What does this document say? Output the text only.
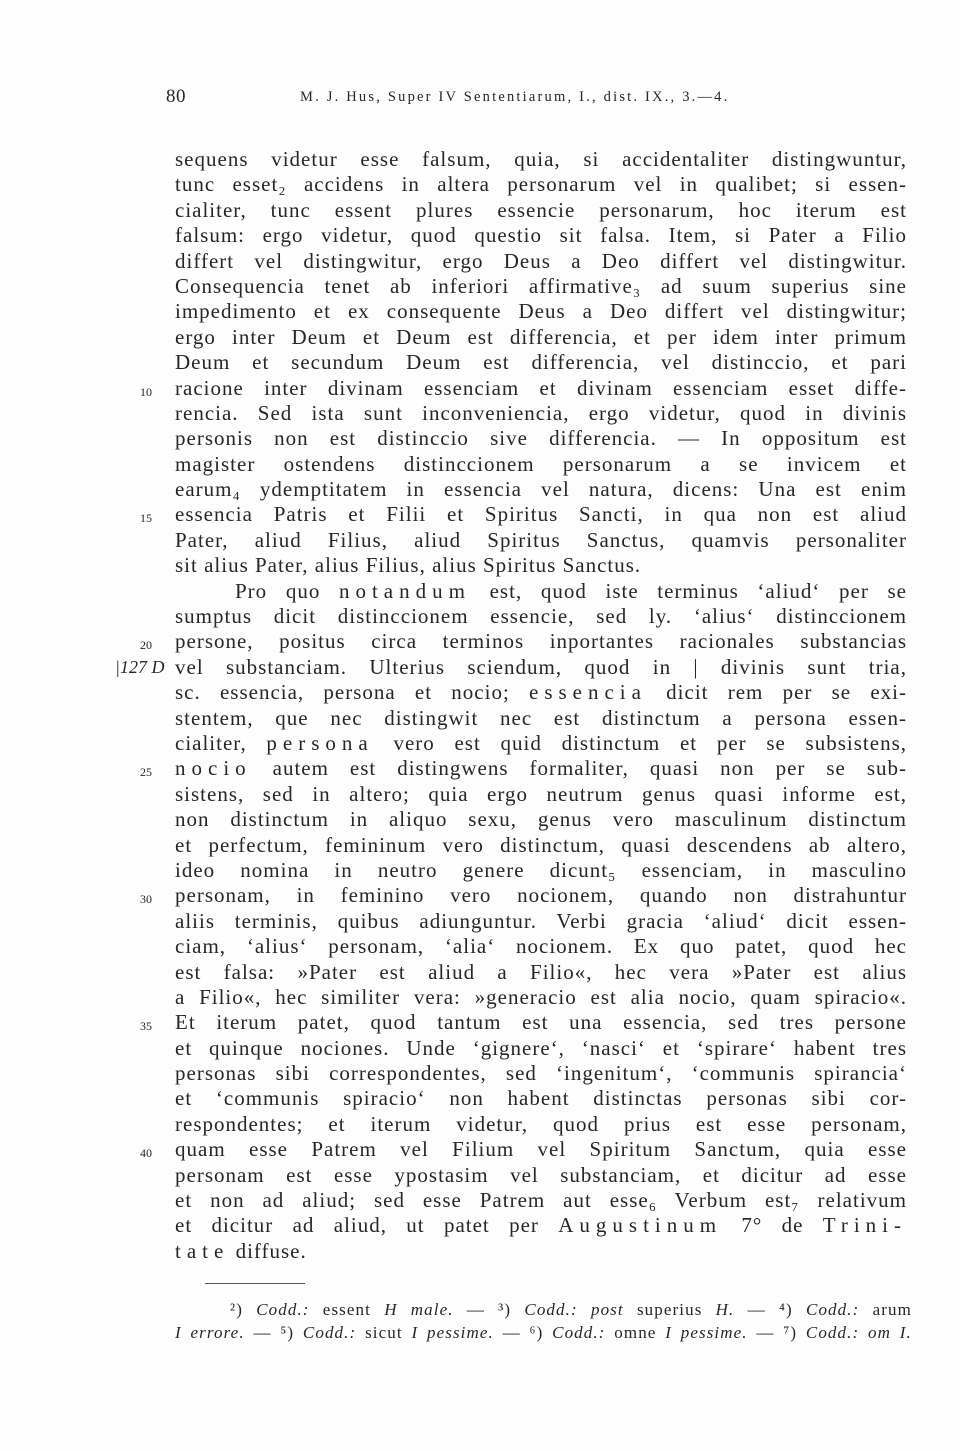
80	M. J. Hus, Super IV Sententiarum, I., dist. IX., 3.—4.
sequens videtur esse falsum, quia, si accidentaliter distingwuntur,
tunc esset₂ accidens in altera personarum vel in qualibet; si essen-
cialiter, tunc essent plures essencie personarum, hoc iterum est
falsum: ergo videtur, quod questio sit falsa. Item, si Pater a Filio
differt vel distingwitur, ergo Deus a Deo differt vel distingwitur.
Consequencia tenet ab inferiori affirmative₃ ad suum superius sine
impedimento et ex consequente Deus a Deo differt vel distingwitur;
ergo inter Deum et Deum est differencia, et per idem inter primum
Deum et secundum Deum est differencia, vel distinccio, et pari
10 racione inter divinam essenciam et divinam essenciam esset diffe-
rencia. Sed ista sunt inconveniencia, ergo videtur, quod in divinis
personis non est distinccio sive differencia. — In oppositum est
magister ostendens distinccionem personarum a se invicem et
earum₄ ydemptitatem in essencia vel natura, dicens: Una est enim
15 essencia Patris et Filii et Spiritus Sancti, in qua non est aliud
Pater, aliud Filius, aliud Spiritus Sanctus, quamvis personaliter
sit alius Pater, alius Filius, alius Spiritus Sanctus.
Pro quo notandum est, quod iste terminus ‘aliud‘ per se
sumptus dicit distinccionem essencie, sed ly. ‘alius‘ distinccionem
20 persone, positus circa terminos inportantes racionales substancias
|127 D vel substanciam. Ulterius sciendum, quod in | divinis sunt tria,
sc. essencia, persona et nocio; essencia dicit rem per se exi-
stentem, que nec distingwit nec est distinctum a persona essen-
cialiter, persona vero est quid distinctum et per se subsistens,
25 nocio autem est distingwens formaliter, quasi non per se sub-
sistens, sed in altero; quia ergo neutrum genus quasi informe est,
non distinctum in aliquo sexu, genus vero masculinum distinctum
et perfectum, femininum vero distinctum, quasi descendens ab altero,
ideo nomina in neutro genere dicunt₅ essenciam, in masculino
30 personam, in feminino vero nocionem, quando non distrahuntur
aliis terminis, quibus adiunguntur. Verbi gracia ‘aliud‘ dicit essen-
ciam, ‘alius‘ personam, ‘alia‘ nocionem. Ex quo patet, quod hec
est falsa: »Pater est aliud a Filio«, hec vera »Pater est alius
a Filio«, hec similiter vera: »generacio est alia nocio, quam spiracio«.
35 Et iterum patet, quod tantum est una essencia, sed tres persone
et quinque nociones. Unde ‘gignere‘, ‘nasci‘ et ‘spirare‘ habent tres
personas sibi correspondentes, sed ‘ingenitum‘, ‘communis spirancia‘
et ‘communis spiracio‘ non habent distinctas personas sibi cor-
respondentes; et iterum videtur, quod prius est esse personam,
40 quam esse Patrem vel Filium vel Spiritum Sanctum, quia esse
personam est esse ypostasim vel substanciam, et dicitur ad esse
et non ad aliud; sed esse Patrem aut esse₆ Verbum est₇ relativum
et dicitur ad aliud, ut patet per Augustinum 7° de Trini-
tate diffuse.
²) Codd.: essent H male. — ³) Codd.: post superius H. — ⁴) Codd.: arum
I errore. — ⁵) Codd.: sicut I pessime. — ⁶) Codd.: omne I pessime. — ⁷) Codd.: om I.
